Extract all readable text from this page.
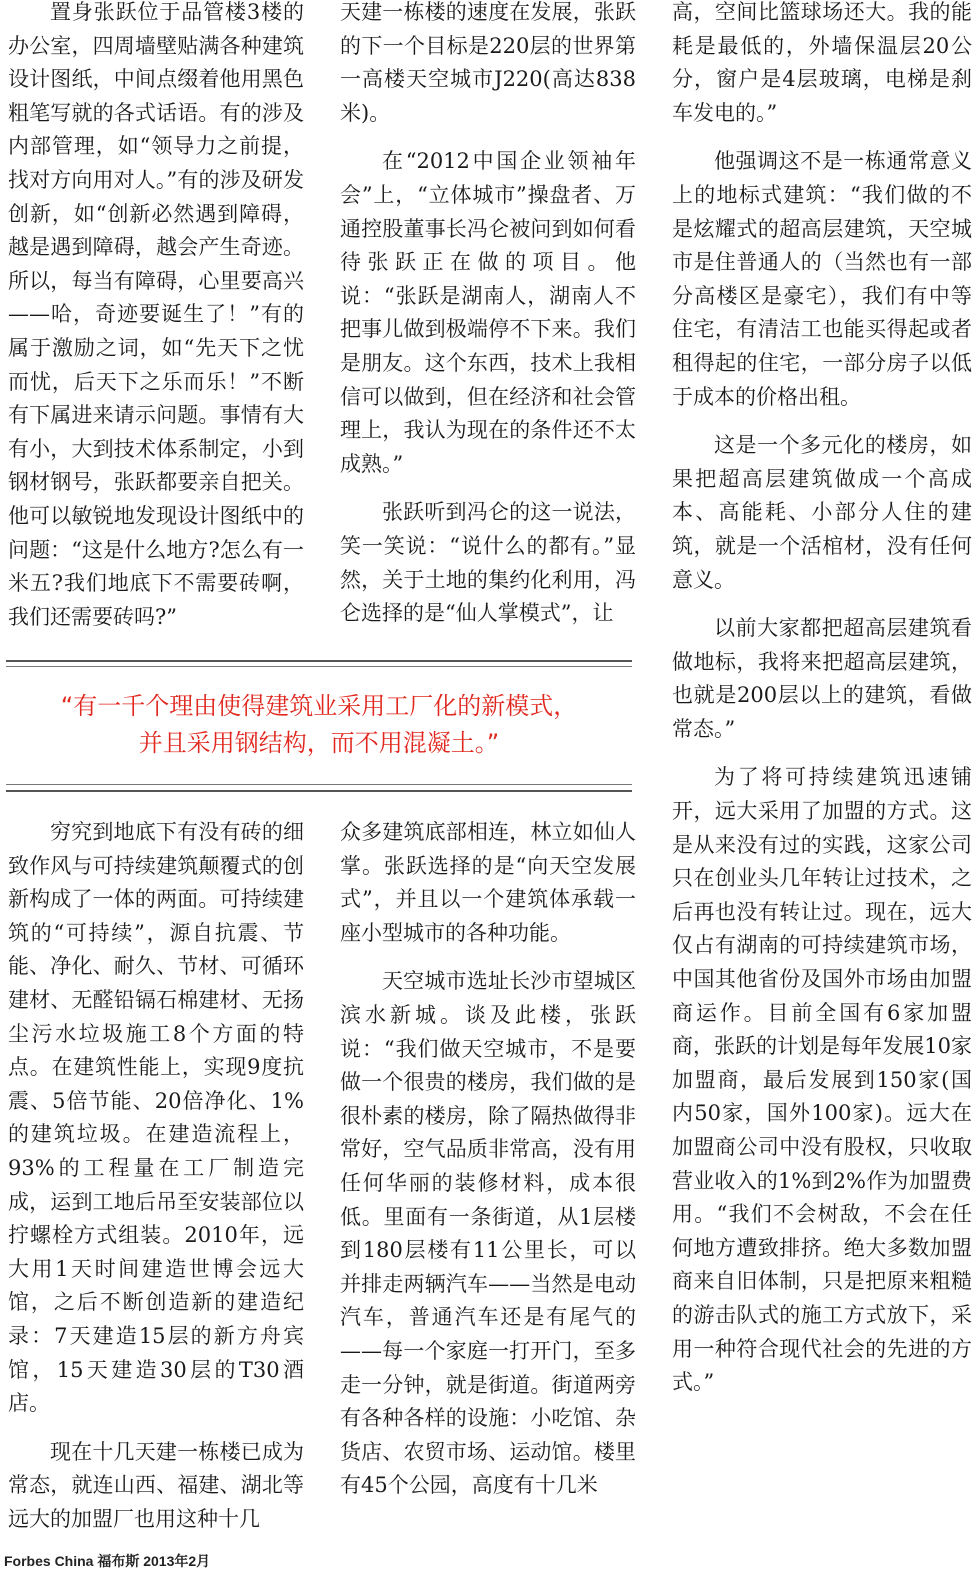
置身张跃位于品管楼3楼的办公室，四周墙壁贴满各种建筑设计图纸，中间点缀着他用黑色粗笔写就的各式话语。有的涉及内部管理，如“领导力之前提，找对方向用对人。”有的涉及研发创新，如“创新必然遇到障碍，越是遇到障碍，越会产生奇迹。所以，每当有障碍，心里要高兴——哈，奇迹要诞生了！”有的属于激励之词，如“先天下之忧而忧，后天下之乐而乐！”不断有下属进来请示问题。事情有大有小，大到技术体系制定，小到钢材钢号，张跃都要亲自把关。他可以敏锐地发现设计图纸中的问题：“这是什么地方?怎么有一米五?我们地底下不需要砖啊，我们还需要砖吗?”

天建一栋楼的速度在发展，张跃的下一个目标是220层的世界第一高楼天空城市J220(高达838米)。

在“2012中国企业领袖年会”上，“立体城市”操盘者、万通控股董事长冯仑被问到如何看待张跃正在做的项目。他说：“张跃是湖南人，湖南人不把事儿做到极端停不下来。我们是朋友。这个东西，技术上我相信可以做到，但在经济和社会管理上，我认为现在的条件还不太成熟。”

张跃听到冯仑的这一说法，笑一笑说：“说什么的都有。”显然，关于土地的集约化利用，冯仑选择的是“仙人掌模式”，让

高，空间比篮球场还大。我的能耗是最低的，外墙保温层20公分，窗户是4层玻璃，电梯是刹车发电的。”

他强调这不是一栋通常意义上的地标式建筑：“我们做的不是炫耀式的超高层建筑，天空城市是住普通人的（当然也有一部分高楼区是豪宅），我们有中等住宅，有清洁工也能买得起或者租得起的住宅，一部分房子以低于成本的价格出租。

这是一个多元化的楼房，如果把超高层建筑做成一个高成本、高能耗、小部分人住的建筑，就是一个活棺材，没有任何意义。

以前大家都把超高层建筑看做地标，我将来把超高层建筑，也就是200层以上的建筑，看做常态。”

为了将可持续建筑迅速铺开，远大采用了加盟的方式。这是从来没有过的实践，这家公司只在创业头几年转让过技术，之后再也没有转让过。现在，远大仅占有湖南的可持续建筑市场，中国其他省份及国外市场由加盟商运作。目前全国有6家加盟商，张跃的计划是每年发展10家加盟商，最后发展到150家(国内50家，国外100家)。远大在加盟商公司中没有股权，只收取营业收入的1%到2%作为加盟费用。“我们不会树敌，不会在任何地方遭致排挤。绝大多数加盟商来自旧体制，只是把原来粗糙的游击队式的施工方式放下，采用一种符合现代社会的先进的方式。”

“有一千个理由使得建筑业采用工厂化的新模式，
并且采用钢结构，而不用混凝土。”

穷究到地底下有没有砖的细致作风与可持续建筑颠覆式的创新构成了一体的两面。可持续建筑的“可持续”，源自抗震、节能、净化、耐久、节材、可循环建材、无醛铅镉石棉建材、无扬尘污水垃圾施工8个方面的特点。在建筑性能上，实现9度抗震、5倍节能、20倍净化、1%的建筑垃圾。在建造流程上，93%的工程量在工厂制造完成，运到工地后吊至安装部位以拧螺栓方式组装。2010年，远大用1天时间建造世博会远大馆，之后不断创造新的建造纪录：7天建造15层的新方舟宾馆，15天建造30层的T30酒店。

现在十几天建一栋楼已成为常态，就连山西、福建、湖北等远大的加盟厂也用这种十几

众多建筑底部相连，林立如仙人掌。张跃选择的是“向天空发展式”，并且以一个建筑体承载一座小型城市的各种功能。

天空城市选址长沙市望城区滨水新城。谈及此楼，张跃说：“我们做天空城市，不是要做一个很贵的楼房，我们做的是很朴素的楼房，除了隔热做得非常好，空气品质非常高，没有用任何华丽的装修材料，成本很低。里面有一条街道，从1层楼到180层楼有11公里长，可以并排走两辆汽车——当然是电动汽车，普通汽车还是有尾气的——每一个家庭一打开门，至多走一分钟，就是街道。街道两旁有各种各样的设施：小吃馆、杂货店、农贸市场、运动馆。楼里有45个公园，高度有十几米

Forbes China 福布斯 2013年2月
